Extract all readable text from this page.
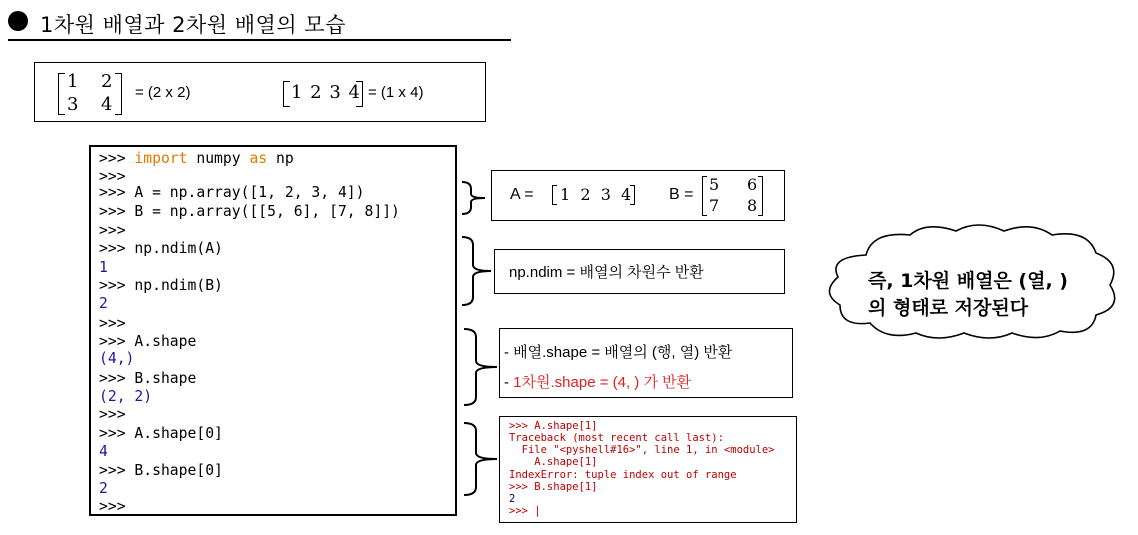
1차원 배열과 2차원 배열의 모습
1 2
3 4
= (2 x 2)	1 2 3 4 = (1 x 4)
>>> import numpy as np
>>>
>>> A = np.array([1, 2, 3, 4])
>>> B = np.array([[5, 6], [7, 8]])
>>>
>>> np.ndim(A)
1
>>> np.ndim(B)
2
>>>
>>> A.shape
(4,)
>>> B.shape
(2, 2)
>>>
>>> A.shape[0]
4
>>> B.shape[0]
2
>>>
A = 1  2  3  4 B =
5 6
7 8
np.ndim = 배열의 차원수 반환
- 배열.shape = 배열의 (행, 열) 반환
- 1차원.shape = (4, ) 가 반환
>>> A.shape[1]
Traceback (most recent call last):
File "<pyshell#16>", line 1, in <module>
A.shape[1]
IndexError: tuple index out of range
>>> B.shape[1]
2
>>> |
즉, 1차원 배열은 (열, )
의 형태로 저장된다
